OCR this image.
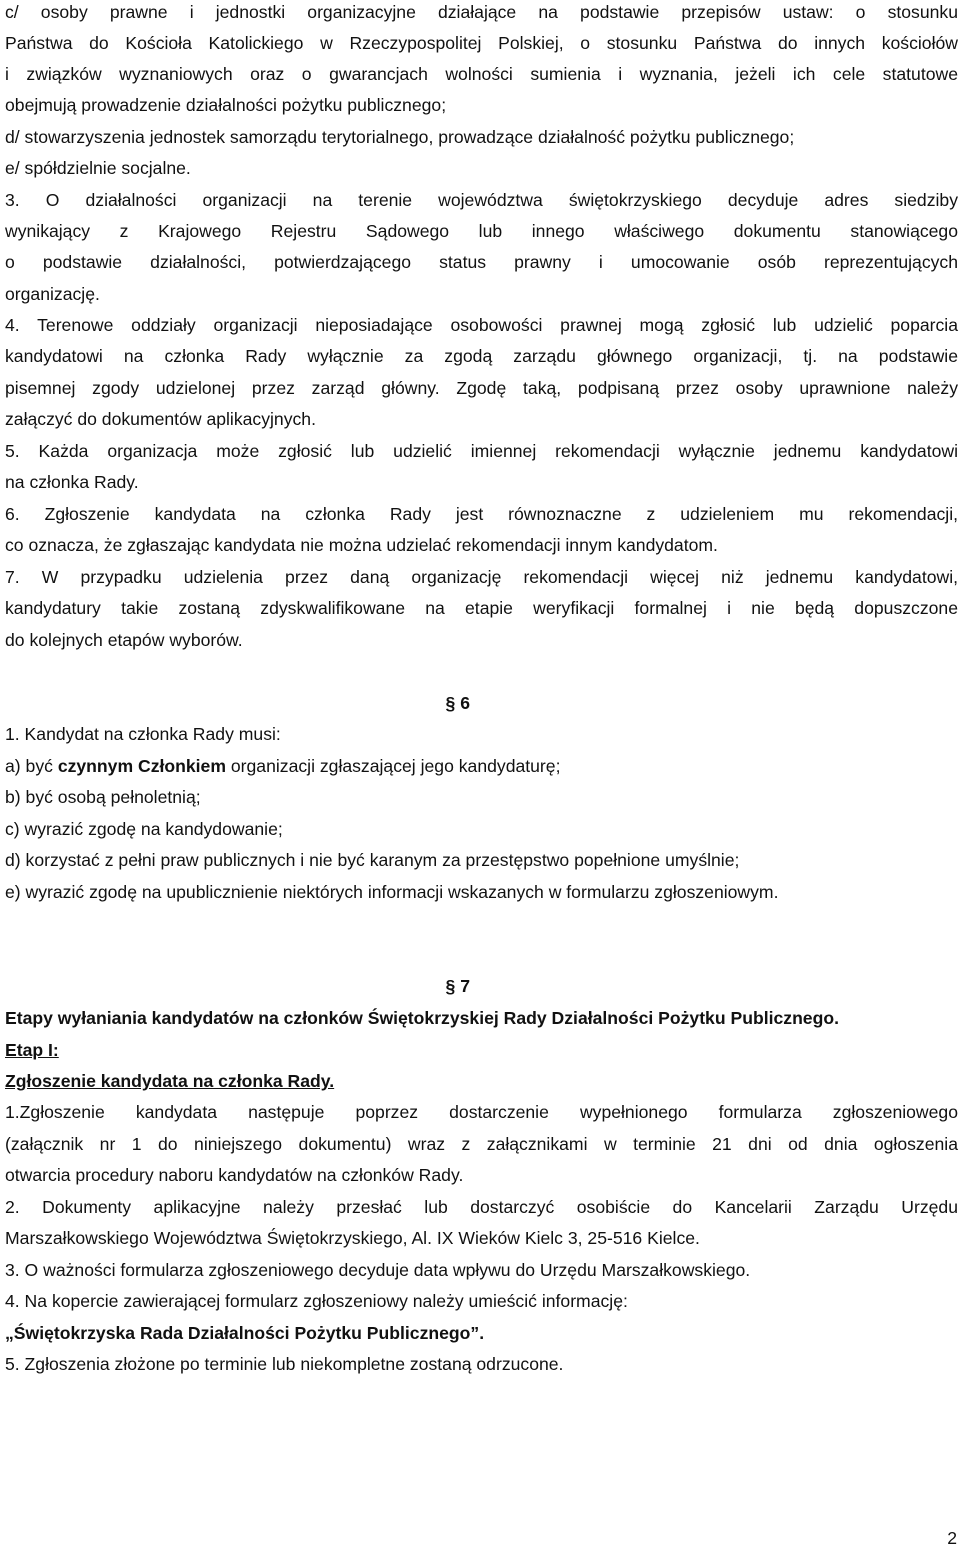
c/ osoby prawne i jednostki organizacyjne działające na podstawie przepisów ustaw: o stosunku
Państwa do Kościoła Katolickiego w Rzeczypospolitej Polskiej, o stosunku Państwa do innych kościołów
i związków wyznaniowych oraz o gwarancjach wolności sumienia i wyznania, jeżeli ich cele statutowe
obejmują prowadzenie działalności pożytku publicznego;
d/ stowarzyszenia jednostek samorządu terytorialnego, prowadzące działalność pożytku publicznego;
e/ spółdzielnie socjalne.
3. O działalności organizacji na terenie województwa świętokrzyskiego decyduje adres siedziby
wynikający z Krajowego Rejestru Sądowego lub innego właściwego dokumentu stanowiącego
o podstawie działalności, potwierdzającego status prawny i umocowanie osób reprezentujących
organizację.
4. Terenowe oddziały organizacji nieposiadające osobowości prawnej mogą zgłosić lub udzielić poparcia
kandydatowi na członka Rady wyłącznie za zgodą zarządu głównego organizacji, tj. na podstawie
pisemnej zgody udzielonej przez zarząd główny. Zgodę taką, podpisaną przez osoby uprawnione należy
załączyć do dokumentów aplikacyjnych.
5. Każda organizacja może zgłosić lub udzielić imiennej rekomendacji wyłącznie jednemu kandydatowi
na członka Rady.
6. Zgłoszenie kandydata na członka Rady jest równoznaczne z udzieleniem mu rekomendacji,
co oznacza, że zgłaszając kandydata nie można udzielać rekomendacji innym kandydatom.
7. W przypadku udzielenia przez daną organizację rekomendacji więcej niż jednemu kandydatowi,
kandydatury takie zostaną zdyskwalifikowane na etapie weryfikacji formalnej i nie będą dopuszczone
do kolejnych etapów wyborów.
§ 6
1. Kandydat na członka Rady musi:
a) być czynnym Członkiem organizacji zgłaszającej jego kandydaturę;
b) być osobą pełnoletnią;
c) wyrazić zgodę na kandydowanie;
d) korzystać z pełni praw publicznych i nie być karanym za przestępstwo popełnione umyślnie;
e) wyrazić zgodę na upublicznienie niektórych informacji wskazanych w formularzu zgłoszeniowym.
§ 7
Etapy wyłaniania kandydatów na członków Świętokrzyskiej Rady Działalności Pożytku Publicznego.
Etap I:
Zgłoszenie kandydata na członka Rady.
1.Zgłoszenie kandydata następuje poprzez dostarczenie wypełnionego formularza zgłoszeniowego
(załącznik nr 1 do niniejszego dokumentu) wraz z załącznikami w terminie 21 dni od dnia ogłoszenia
otwarcia procedury naboru kandydatów na członków Rady.
2. Dokumenty aplikacyjne należy przesłać lub dostarczyć osobiście do Kancelarii Zarządu Urzędu
Marszałkowskiego Województwa Świętokrzyskiego, Al. IX Wieków Kielc 3, 25-516 Kielce.
3. O ważności formularza zgłoszeniowego decyduje data wpływu do Urzędu Marszałkowskiego.
4. Na kopercie zawierającej formularz zgłoszeniowy należy umieścić informację:
„Świętokrzyska Rada Działalności Pożytku Publicznego”.
5. Zgłoszenia złożone po terminie lub niekompletne zostaną odrzucone.
2
